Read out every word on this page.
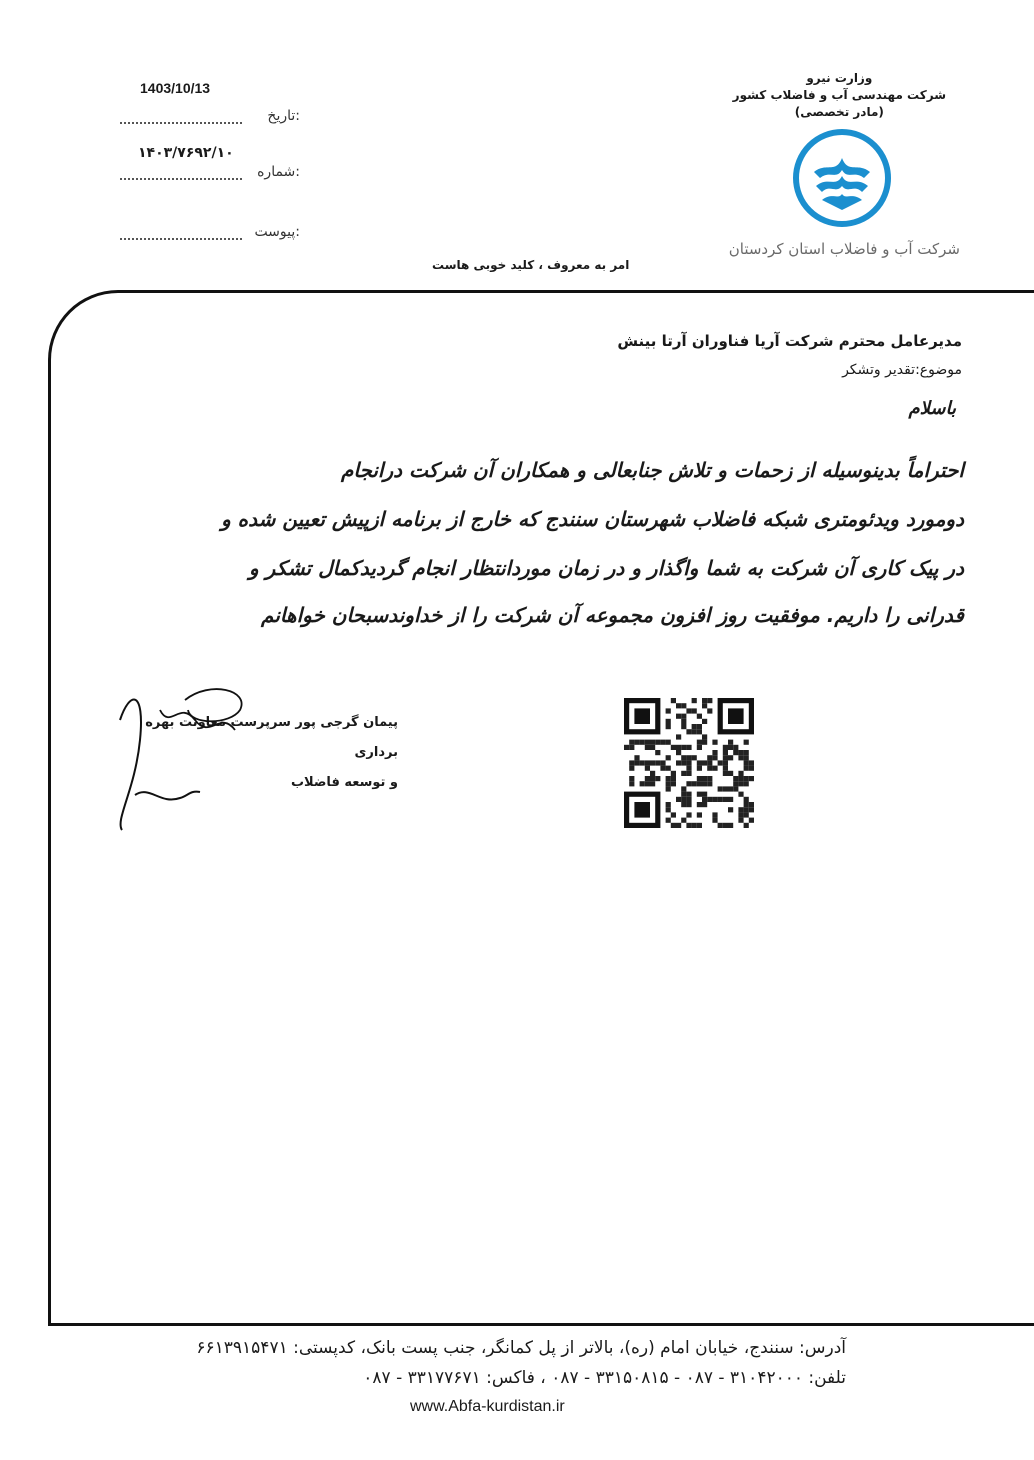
1403/10/13
تاریخ:
۱۴۰۳/۷۶۹۲/۱۰
شماره:
پیوست:
وزارت نیرو
شرکت مهندسی آب و فاضلاب کشور
(مادر تخصصی)
شرکت آب و فاضلاب استان کردستان
امر به معروف ، کلید خوبی هاست
مدیرعامل محترم شرکت آریا فناوران آرتا بینش
موضوع:تقدیر وتشکر
باسلام
احتراماً بدینوسیله از زحمات و تلاش جنابعالی و همکاران آن شرکت درانجام
دومورد ویدئومتری شبکه فاضلاب شهرستان سنندج که خارج از برنامه ازپیش تعیین شده و
در پیک کاری آن شرکت به شما واگذار و در زمان موردانتظار انجام گردیدکمال تشکر و
قدرانی را داریم. موفقیت روز افزون مجموعه آن شرکت را از خداوندسبحان خواهانم
پیمان گرجی پور سرپرست معاونت بهره برداری
و توسعه فاضلاب
آدرس: سنندج، خیابان امام (ره)، بالاتر از پل کمانگر، جنب پست بانک، کدپستی: ۶۶۱۳۹۱۵۴۷۱
تلفن: ۳۱۰۴۲۰۰۰ - ۰۸۷ - ۳۳۱۵۰۸۱۵ - ۰۸۷ ، فاکس: ۳۳۱۷۷۶۷۱ - ۰۸۷
www.Abfa-kurdistan.ir
